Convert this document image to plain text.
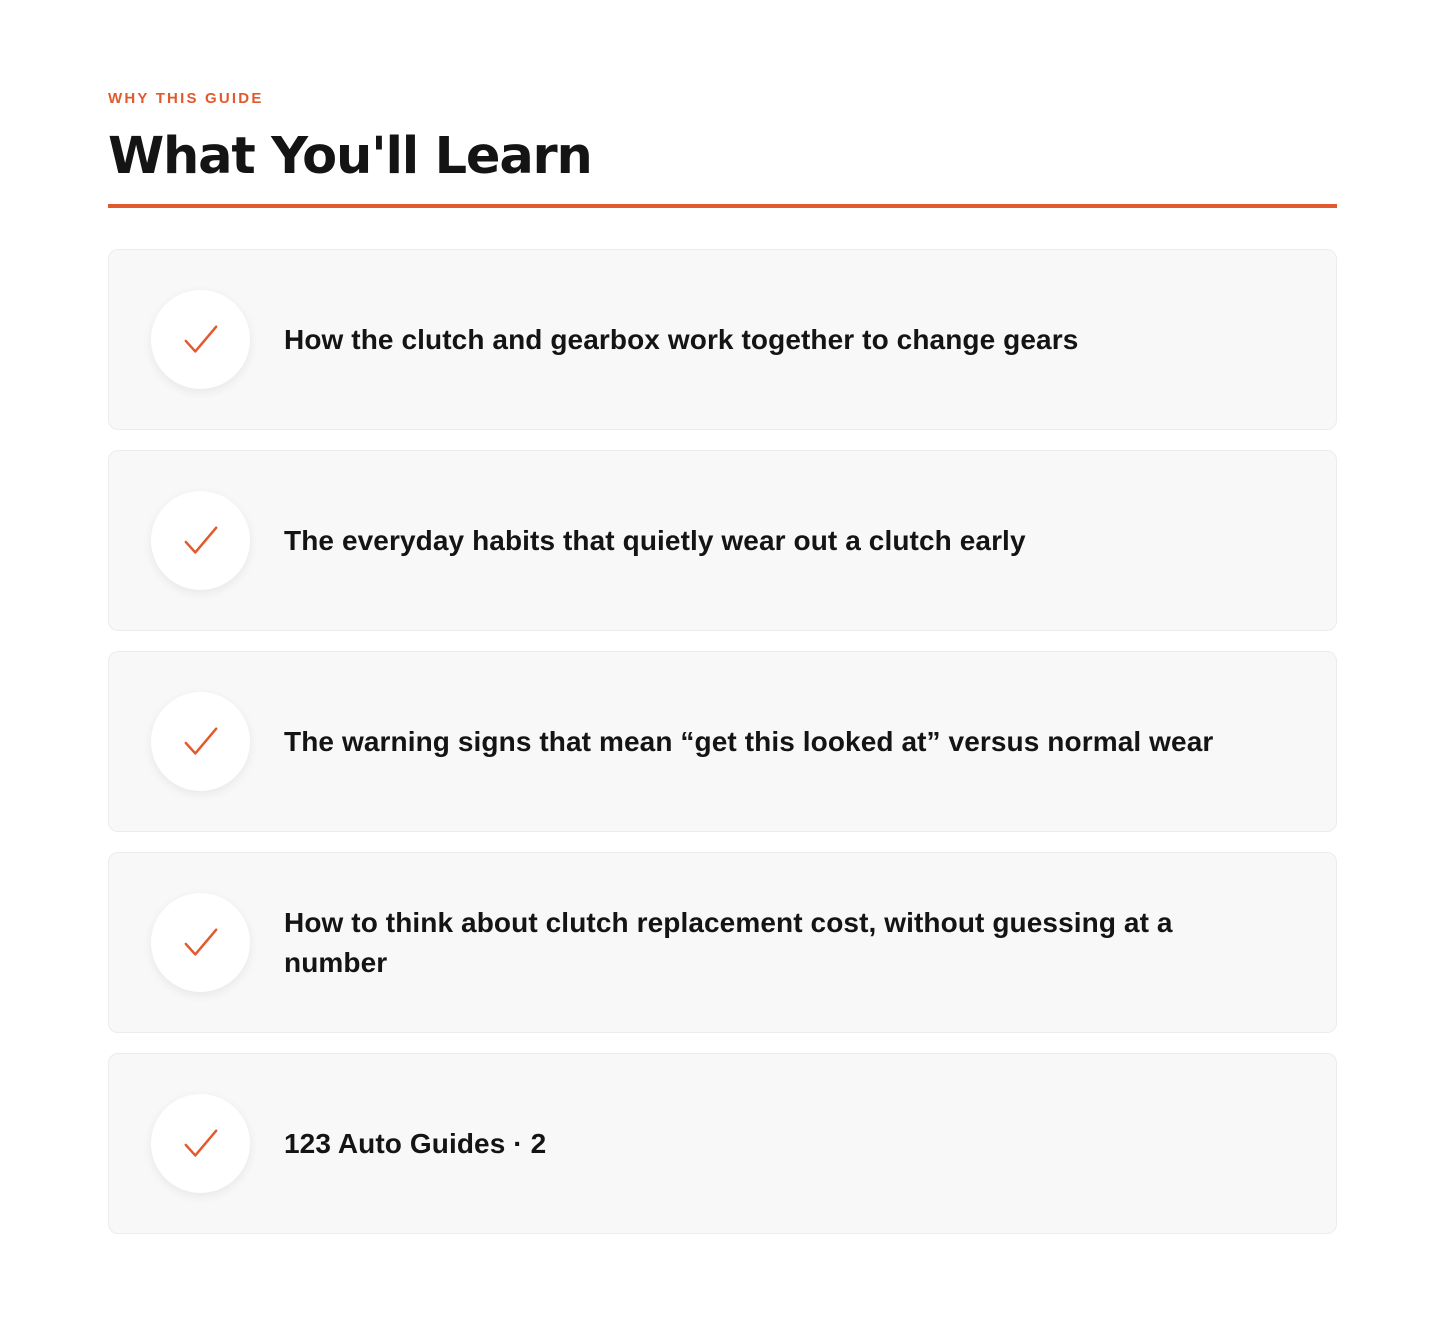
WHY THIS GUIDE
What You'll Learn
How the clutch and gearbox work together to change gears
The everyday habits that quietly wear out a clutch early
The warning signs that mean “get this looked at” versus normal wear
How to think about clutch replacement cost, without guessing at a number
123 Auto Guides · 2
